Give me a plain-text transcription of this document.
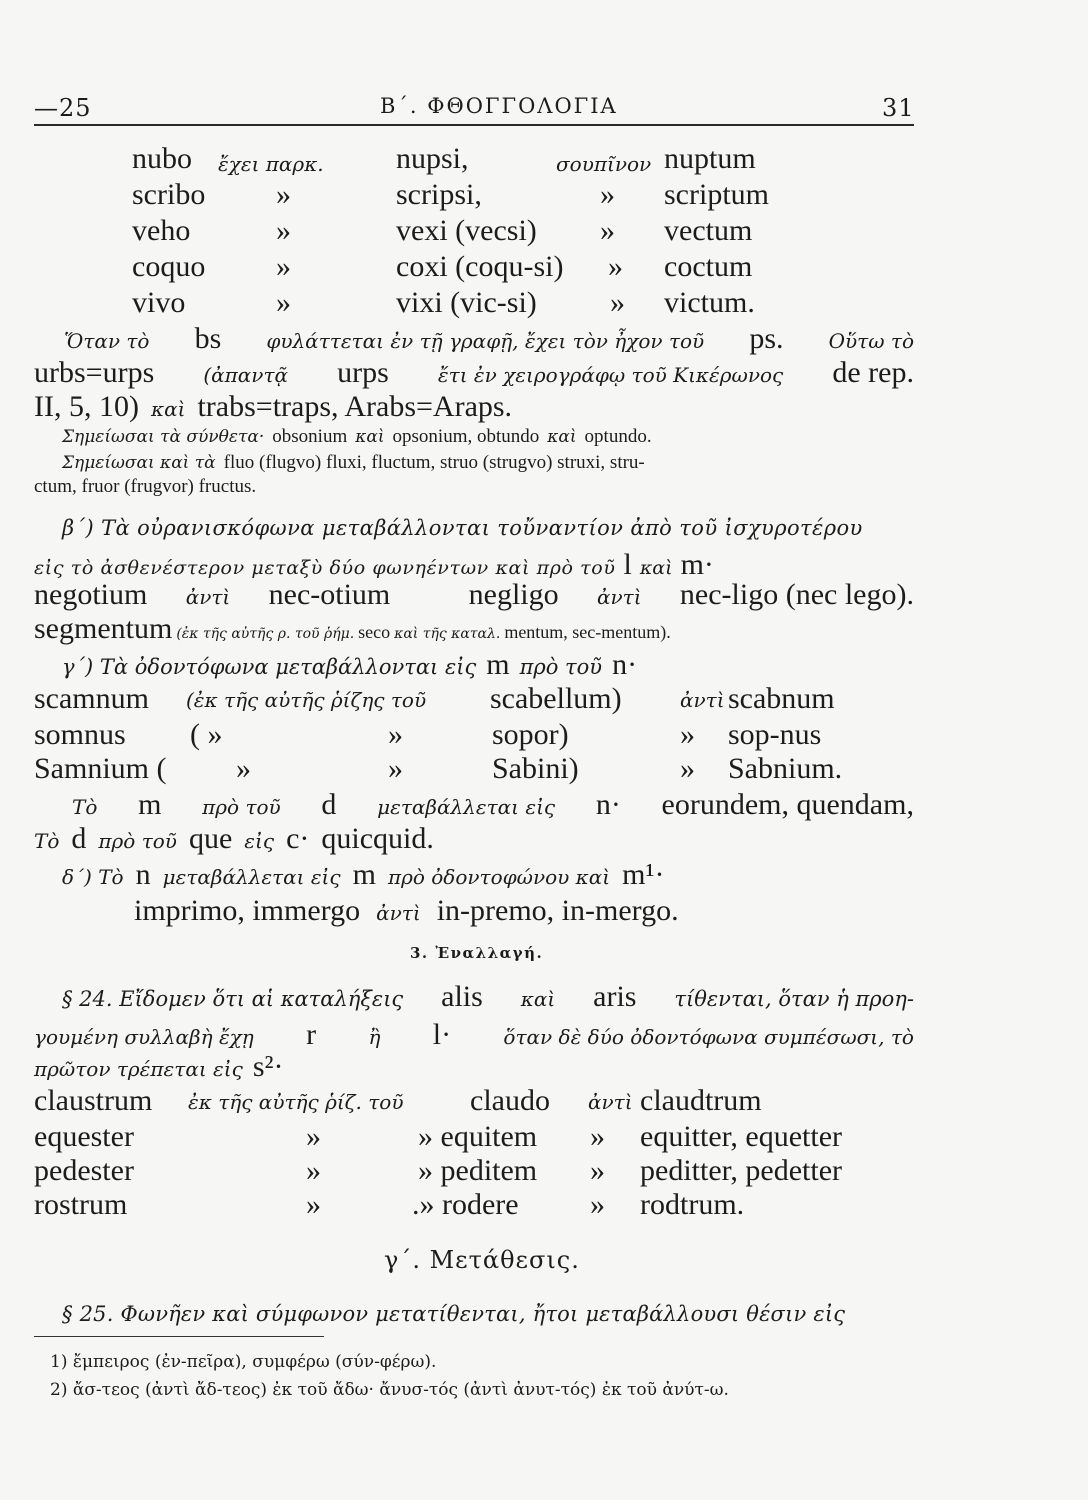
—25	Β΄. ΦΘΟΓΓΟΛΟΓΙΑ	31
nubo ἔχει παρκ. nupsi,	σουπῖνον nuptum
scribo »	scripsi,	» scriptum
veho	»	vexi (vecsi) » vectum
coquo »	coxi (coqu-si) » coctum
vivo	»	vixi (vic-si) » victum.
Ὅταν τὸ bs φυλάττεται ἐν τῇ γραφῇ, ἔχει τὸν ἦχον τοῦ ps. Οὕτω τὸ
urbs=urps (ἀπαντᾷ urps ἔτι ἐν χειρογράφῳ τοῦ Κικέρωνος de rep.
II, 5, 10) καὶ trabs=traps, Arabs=Araps.
Σημείωσαι τὰ σύνθετα· obsonium καὶ opsonium, obtundo καὶ optundo.
Σημείωσαι καὶ τὰ fluo (flugvo) fluxi, fluctum, struo (strugvo) struxi, stru-
ctum, fruor (frugvor) fructus.
β΄) Τὰ οὐρανισκόφωνα μεταβάλλονται τοὔναντίον ἀπὸ τοῦ ἰσχυροτέρου
εἰς τὸ ἀσθενέστερον μεταξὺ δύο φωνηέντων καὶ πρὸ τοῦ l καὶ m·
negotium ἀντὶ nec-otium	negligo ἀντὶ nec-ligo (nec lego).
segmentum (ἐκ τῆς αὐτῆς ρ. τοῦ ῥήμ. seco καὶ τῆς καταλ. mentum, sec-mentum).
γ΄) Τὰ ὀδοντόφωνα μεταβάλλονται εἰς m πρὸ τοῦ n·
scamnum (ἐκ τῆς αὐτῆς ῥίζης τοῦ scabellum)	ἀντὶ scabnum
somnus ( »	»	sopor)	» sop-nus
Samnium ( »	»	Sabini)	» Sabnium.
Τὸ m πρὸ τοῦ d μεταβάλλεται εἰς n· eorundem, quendam,
Τὸ d πρὸ τοῦ que εἰς c· quicquid.
δ΄) Τὸ n μεταβάλλεται εἰς m πρὸ ὀδοντοφώνου καὶ m¹·
imprimo, immergo ἀντὶ in-premo, in-mergo.
3. Ἐναλλαγή.
§ 24. Εἴδομεν ὅτι αἱ καταλήξεις alis καὶ aris τίθενται, ὅταν ἡ προη-
γουμένη συλλαβὴ ἔχῃ r	ἢ l·	ὅταν δὲ δύο ὀδοντόφωνα συμπέσωσι, τὸ
πρῶτον τρέπεται εἰς s²·
claustrum ἐκ τῆς αὐτῆς ῥίζ. τοῦ claudo ἀντὶ claudtrum
equester	»	» equitem » equitter, equetter
pedester	»	» peditem » peditter, pedetter
rostrum	»	.» rodere » rodtrum.
γ΄. Μετάθεσις.
§ 25. Φωνῆεν καὶ σύμφωνον μετατίθενται, ἤτοι μεταβάλλουσι θέσιν εἰς
1) ἔμπειρος (ἐν-πεῖρα), συμφέρω (σύν-φέρω).
2) ἄσ-τεος (ἀντὶ ἄδ-τεος) ἐκ τοῦ ἄδω· ἄνυσ-τός (ἀντὶ ἀνυτ-τός) ἐκ τοῦ ἀνύτ-ω.
